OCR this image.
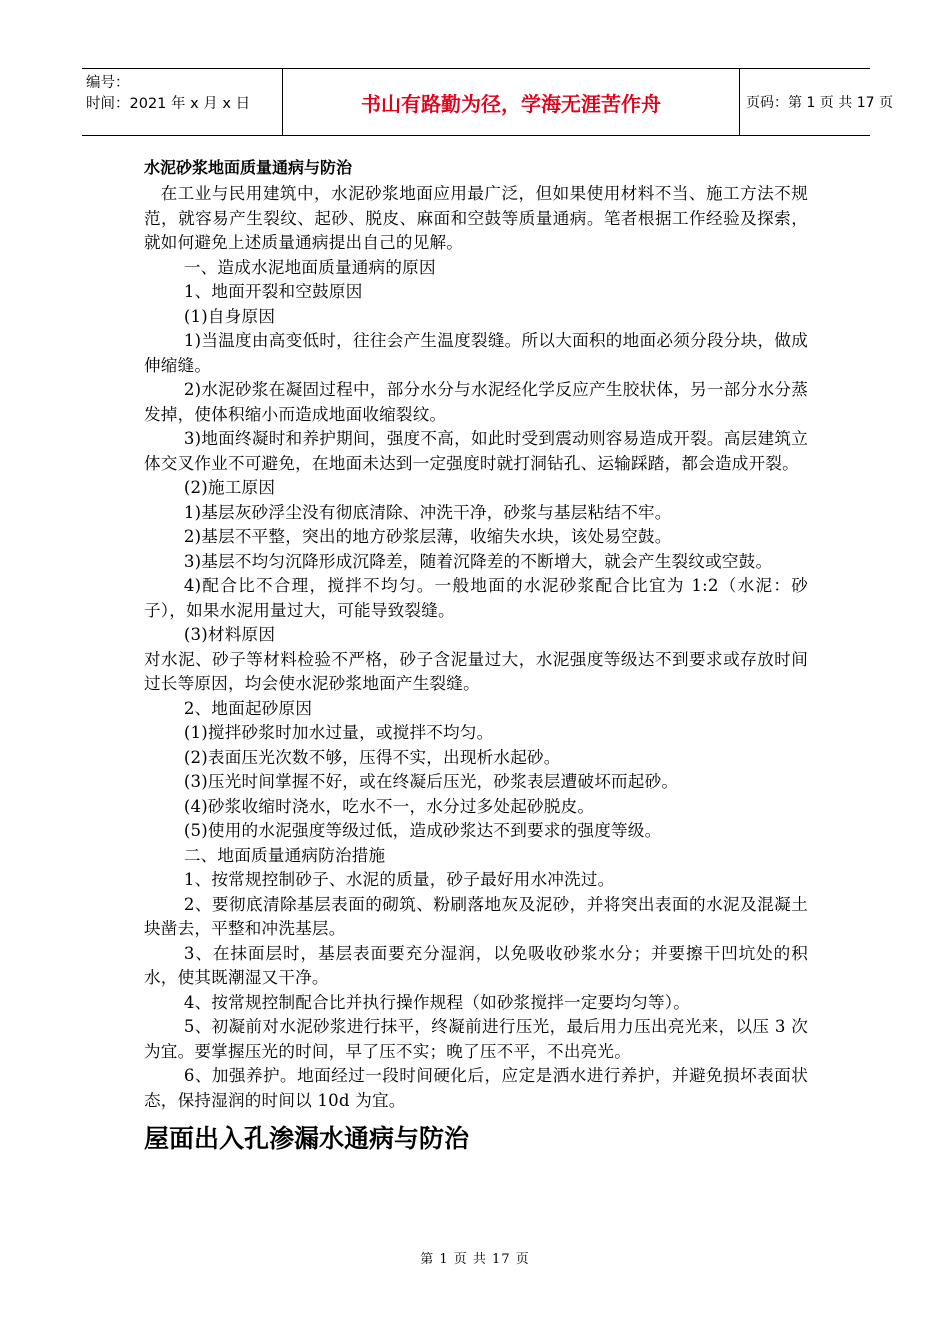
编号：
时间：2021 年 x 月 x 日	书山有路勤为径，学海无涯苦作舟	页码：第 1 页 共 17 页
水泥砂浆地面质量通病与防治

在工业与民用建筑中，水泥砂浆地面应用最广泛，但如果使用材料不当、施工方法不规范，就容易产生裂纹、起砂、脱皮、麻面和空鼓等质量通病。笔者根据工作经验及探索，就如何避免上述质量通病提出自己的见解。

一、造成水泥地面质量通病的原因

1、地面开裂和空鼓原因

(1)自身原因

1)当温度由高变低时，往往会产生温度裂缝。所以大面积的地面必须分段分块，做成伸缩缝。

2)水泥砂浆在凝固过程中，部分水分与水泥经化学反应产生胶状体，另一部分水分蒸发掉，使体积缩小而造成地面收缩裂纹。

3)地面终凝时和养护期间，强度不高，如此时受到震动则容易造成开裂。高层建筑立体交叉作业不可避免，在地面未达到一定强度时就打洞钻孔、运输踩踏，都会造成开裂。

(2)施工原因

1)基层灰砂浮尘没有彻底清除、冲洗干净，砂浆与基层粘结不牢。

2)基层不平整，突出的地方砂浆层薄，收缩失水块，该处易空鼓。

3)基层不均匀沉降形成沉降差，随着沉降差的不断增大，就会产生裂纹或空鼓。

4)配合比不合理，搅拌不均匀。一般地面的水泥砂浆配合比宜为 1:2（水泥：砂子），如果水泥用量过大，可能导致裂缝。

(3)材料原因

对水泥、砂子等材料检验不严格，砂子含泥量过大，水泥强度等级达不到要求或存放时间过长等原因，均会使水泥砂浆地面产生裂缝。

2、地面起砂原因

(1)搅拌砂浆时加水过量，或搅拌不均匀。

(2)表面压光次数不够，压得不实，出现析水起砂。

(3)压光时间掌握不好，或在终凝后压光，砂浆表层遭破坏而起砂。

(4)砂浆收缩时浇水，吃水不一，水分过多处起砂脱皮。

(5)使用的水泥强度等级过低，造成砂浆达不到要求的强度等级。

二、地面质量通病防治措施

1、按常规控制砂子、水泥的质量，砂子最好用水冲洗过。

2、要彻底清除基层表面的砌筑、粉刷落地灰及泥砂，并将突出表面的水泥及混凝土块凿去，平整和冲洗基层。

3、在抹面层时，基层表面要充分湿润，以免吸收砂浆水分；并要擦干凹坑处的积水，使其既潮湿又干净。

4、按常规控制配合比并执行操作规程（如砂浆搅拌一定要均匀等）。

5、初凝前对水泥砂浆进行抹平，终凝前进行压光，最后用力压出亮光来，以压 3 次为宜。要掌握压光的时间，早了压不实；晚了压不平，不出亮光。

6、加强养护。地面经过一段时间硬化后，应定是洒水进行养护，并避免损坏表面状态，保持湿润的时间以 10d 为宜。

屋面出入孔渗漏水通病与防治
第 1 页 共 17 页
